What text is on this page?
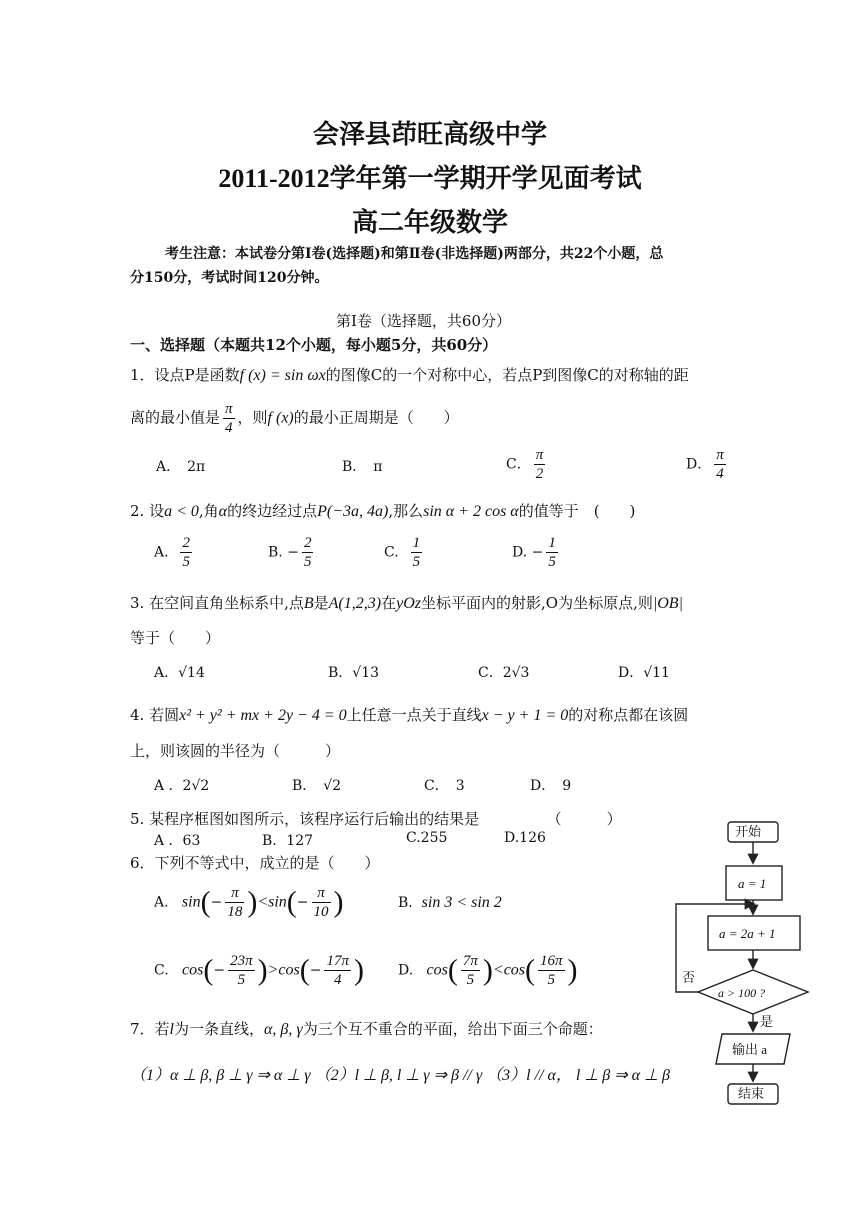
会泽县茚旺高级中学
2011-2012学年第一学期开学见面考试
高二年级数学
考生注意：本试卷分第Ⅰ卷(选择题)和第Ⅱ卷(非选择题)两部分，共22个小题，总
分150分，考试时间120分钟。
第Ⅰ卷（选择题，共60分）
一、选择题（本题共12个小题，每小题5分，共60分）
1．设点P是函数f (x) = sin ωx的图像C的一个对称中心，若点P到图像C的对称轴的距
离的最小值是 $\frac{\pi}{4}$ ，则f (x)的最小正周期是（　　）
A．　2π	B．　π	C． $\frac{\pi}{2}$	D． $\frac{\pi}{4}$
2. 设a < 0,角α的终边经过点P(−3a, 4a),那么sin α + 2 cos α的值等于　(　　)
A. $\frac{2}{5}$	B. − $\frac{2}{5}$	C. $\frac{1}{5}$	D. − $\frac{1}{5}$
3. 在空间直角坐标系中,点B是A(1,2,3)在yOz坐标平面内的射影,O为坐标原点,则|OB|
等于（　　）
A．√14	B．√13	C．2√3	D．√11
4. 若圆x² + y² + mx + 2y − 4 = 0上任意一点关于直线x − y + 1 = 0的对称点都在该圆
上，则该圆的半径为（　　　）
A ．2√2	B．　√2	C．　3	D．　9
5. 某程序框图如图所示，该程序运行后输出的结果是　　　　　（　　　）
A ．63	B．127	C.255	D.126
6．下列不等式中，成立的是（　　）
A. $\sin(- \frac{\pi}{18} )<\sin(- \frac{\pi}{10}$ )	B. sin 3 < sin 2
C. $\cos(- \frac{23\pi}{5} )>\cos(- \frac{17\pi}{4}$ ) D. $\cos( \frac{7\pi}{5} )<\cos( \frac{16\pi}{5}$ )
7．若l为一条直线，α, β, γ为三个互不重合的平面，给出下面三个命题：
（1）α ⊥ β, β ⊥ γ ⇒ α ⊥ γ （2）l ⊥ β, l ⊥ γ ⇒ β // γ （3）l // α， l ⊥ β ⇒ α ⊥ β
开始
a = 1
a = 2a + 1
a > 100 ?
否
是
输出 a
结束
